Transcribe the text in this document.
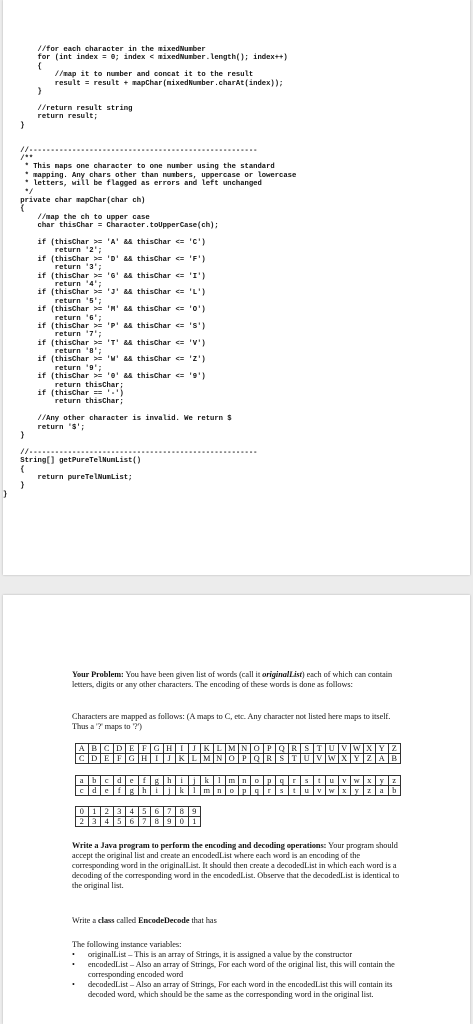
//for each character in the mixedNumber
for (int index = 0; index < mixedNumber.length(); index++)
{
//map it to number and concat it to the result
result = result + mapChar(mixedNumber.charAt(index));
}
//return result string
return result;
}
//-----------------------------------------------------
/**
* This maps one character to one number using the standard
* mapping. Any chars other than numbers, uppercase or lowercase
* letters, will be flagged as errors and left unchanged
*/
private char mapChar(char ch)
{
//map the ch to upper case
char thisChar = Character.toUpperCase(ch);
if (thisChar >= 'A' && thisChar <= 'C')
return '2';
if (thisChar >= 'D' && thisChar <= 'F')
return '3';
if (thisChar >= 'G' && thisChar <= 'I')
return '4';
if (thisChar >= 'J' && thisChar <= 'L')
return '5';
if (thisChar >= 'M' && thisChar <= 'O')
return '6';
if (thisChar >= 'P' && thisChar <= 'S')
return '7';
if (thisChar >= 'T' && thisChar <= 'V')
return '8';
if (thisChar >= 'W' && thisChar <= 'Z')
return '9';
if (thisChar >= '0' && thisChar <= '9')
return thisChar;
if (thisChar == '-')
return thisChar;
//Any other character is invalid. We return $
return '$';
}
//-----------------------------------------------------
String[] getPureTelNumList()
{
return pureTelNumList;
}
}

Your Problem: You have been given list of words (call it originalList) each of which can contain letters, digits or any other characters. The encoding of these words is done as follows:

Characters are mapped as follows: (A maps to C, etc. Any character not listed here maps to itself. Thus a '?' maps to '?')

A	B	C	D	E	F	G	H	I	J	K	L	M	N	O	P	Q	R	S	T	U	V	W	X	Y	Z
C	D	E	F	G	H	I	J	K	L	M	N	O	P	Q	R	S	T	U	V	W	X	Y	Z	A	B
a	b	c	d	e	f	g	h	i	j	k	l	m	n	o	p	q	r	s	t	u	v	w	x	y	z
c	d	e	f	g	h	i	j	k	l	m	n	o	p	q	r	s	t	u	v	w	x	y	z	a	b
0	1	2	3	4	5	6	7	8	9
2	3	4	5	6	7	8	9	0	1

Write a Java program to perform the encoding and decoding operations: Your program should accept the original list and create an encodedList where each word is an encoding of the corresponding word in the originalList. It should then create a decodedList in which each word is a decoding of the corresponding word in the encodedList. Observe that the decodedList is identical to the original list.

Write a class called EncodeDecode that has

The following instance variables:

• originalList – This is an array of Strings, it is assigned a value by the constructor
• encodedList – Also an array of Strings, For each word of the original list, this will contain the corresponding encoded word
• decodedList – Also an array of Strings, For each word in the encodedList this will contain its decoded word, which should be the same as the corresponding word in the original list.
